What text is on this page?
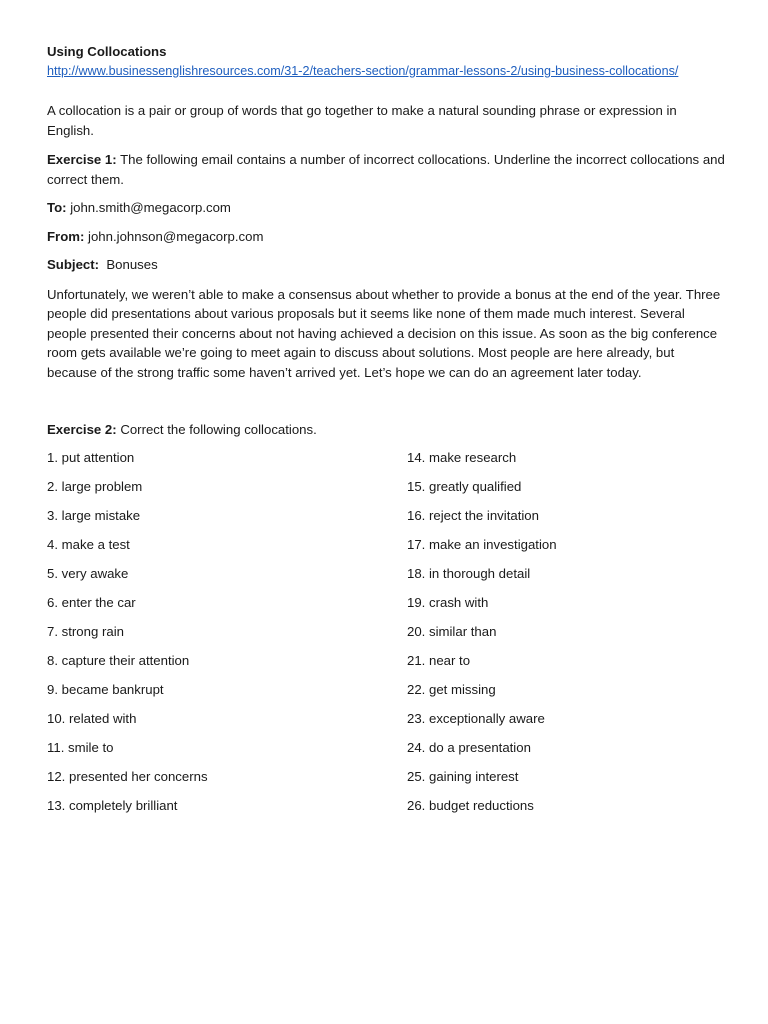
Using Collocations

http://www.businessenglishresources.com/31-2/teachers-section/grammar-lessons-2/using-business-collocations/

A collocation is a pair or group of words that go together to make a natural sounding phrase or expression in English.

Exercise 1: The following email contains a number of incorrect collocations. Underline the incorrect collocations and correct them.

To: john.smith@megacorp.com

From: john.johnson@megacorp.com

Subject:  Bonuses

Unfortunately, we weren’t able to make a consensus about whether to provide a bonus at the end of the year. Three people did presentations about various proposals but it seems like none of them made much interest. Several people presented their concerns about not having achieved a decision on this issue. As soon as the big conference room gets available we’re going to meet again to discuss about solutions. Most people are here already, but because of the strong traffic some haven’t arrived yet. Let’s hope we can do an agreement later today.

Exercise 2: Correct the following collocations.

1. put attention
2. large problem
3. large mistake
4. make a test
5. very awake
6. enter the car
7. strong rain
8. capture their attention
9. became bankrupt
10. related with
11. smile to
12. presented her concerns
13. completely brilliant
14. make research
15. greatly qualified
16. reject the invitation
17. make an investigation
18. in thorough detail
19. crash with
20. similar than
21. near to
22. get missing
23. exceptionally aware
24. do a presentation
25. gaining interest
26. budget reductions
